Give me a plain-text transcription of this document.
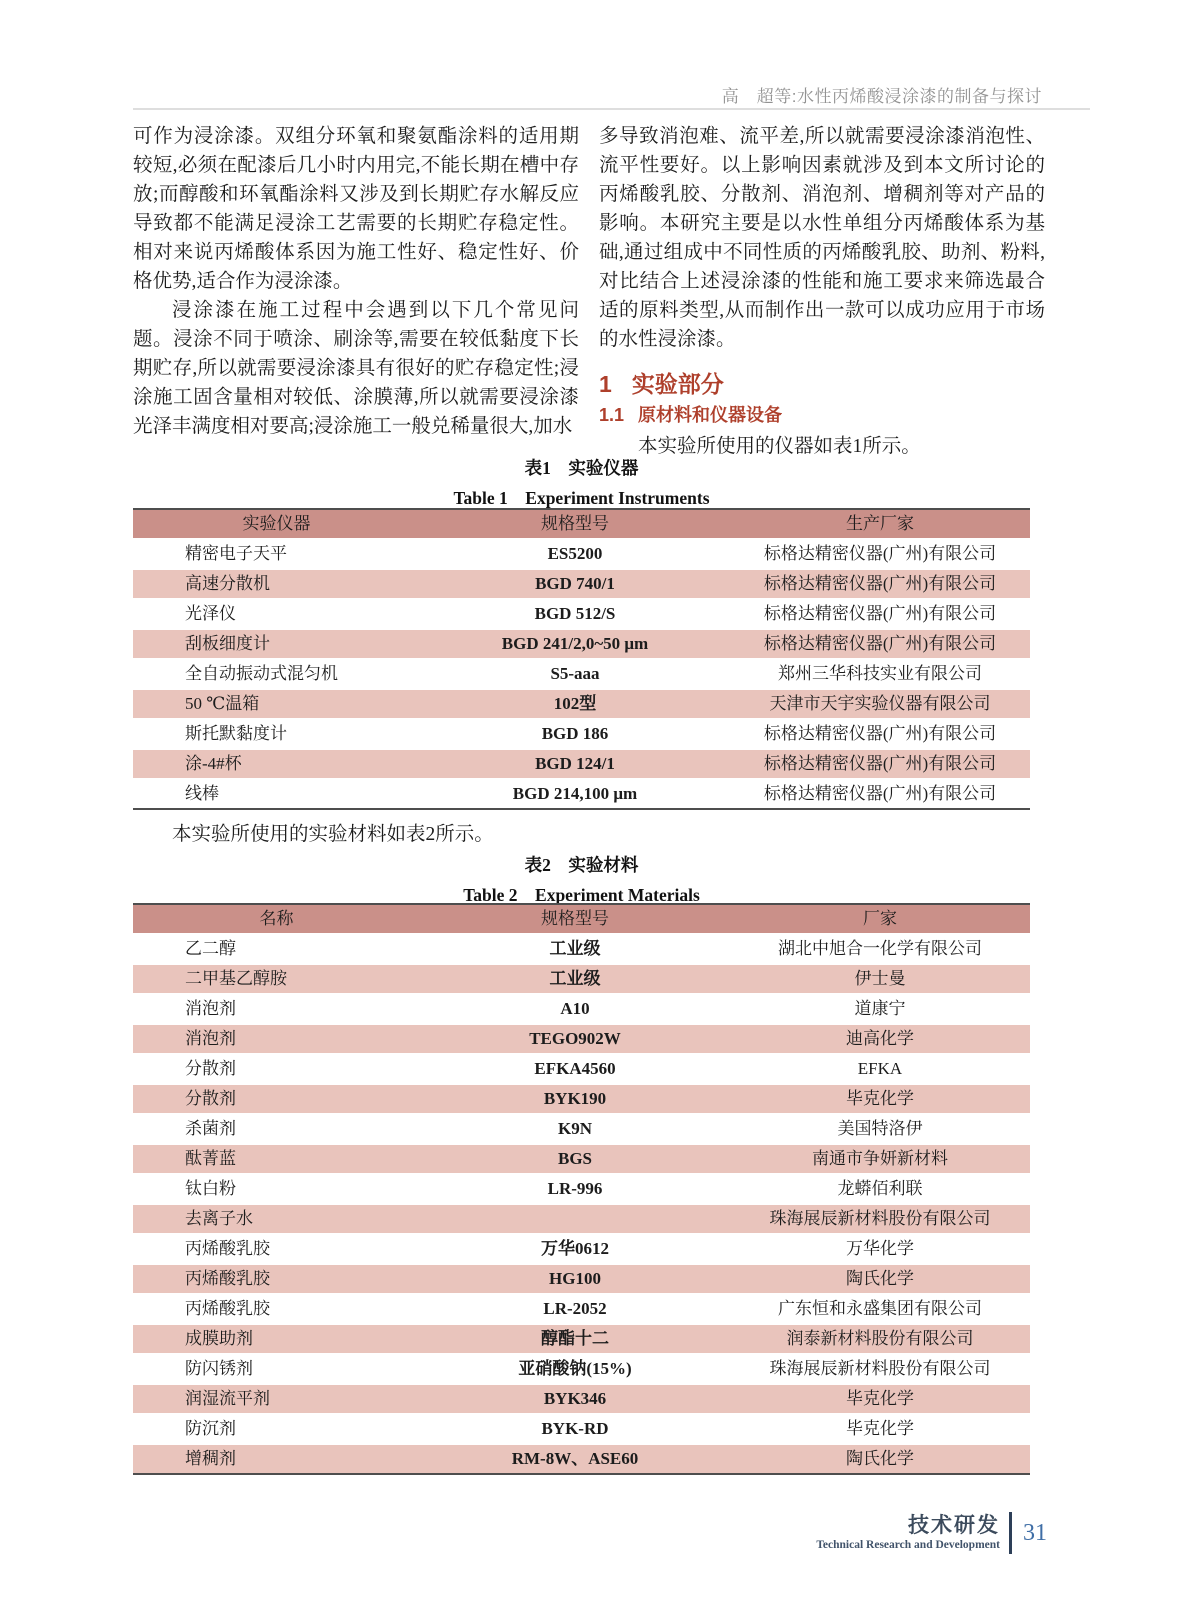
高　超等:水性丙烯酸浸涂漆的制备与探讨

可作为浸涂漆。双组分环氧和聚氨酯涂料的适用期较短,必须在配漆后几小时内用完,不能长期在槽中存放;而醇酸和环氧酯涂料又涉及到长期贮存水解反应导致都不能满足浸涂工艺需要的长期贮存稳定性。相对来说丙烯酸体系因为施工性好、稳定性好、价格优势,适合作为浸涂漆。

浸涂漆在施工过程中会遇到以下几个常见问题。浸涂不同于喷涂、刷涂等,需要在较低黏度下长期贮存,所以就需要浸涂漆具有很好的贮存稳定性;浸涂施工固含量相对较低、涂膜薄,所以就需要浸涂漆光泽丰满度相对要高;浸涂施工一般兑稀量很大,加水

多导致消泡难、流平差,所以就需要浸涂漆消泡性、流平性要好。以上影响因素就涉及到本文所讨论的丙烯酸乳胶、分散剂、消泡剂、增稠剂等对产品的影响。本研究主要是以水性单组分丙烯酸体系为基础,通过组成中不同性质的丙烯酸乳胶、助剂、粉料,对比结合上述浸涂漆的性能和施工要求来筛选最合适的原料类型,从而制作出一款可以成功应用于市场的水性浸涂漆。

1 实验部分
1.1 原材料和仪器设备

本实验所使用的仪器如表1所示。

表1　实验仪器
Table 1　Experiment Instruments
实验仪器	规格型号	生产厂家
精密电子天平	ES5200	标格达精密仪器(广州)有限公司
高速分散机	BGD 740/1	标格达精密仪器(广州)有限公司
光泽仪	BGD 512/S	标格达精密仪器(广州)有限公司
刮板细度计	BGD 241/2,0~50 μm	标格达精密仪器(广州)有限公司
全自动振动式混匀机	S5-aaa	郑州三华科技实业有限公司
50 ℃温箱	102型	天津市天宇实验仪器有限公司
斯托默黏度计	BGD 186	标格达精密仪器(广州)有限公司
涂-4#杯	BGD 124/1	标格达精密仪器(广州)有限公司
线棒	BGD 214,100 μm	标格达精密仪器(广州)有限公司

本实验所使用的实验材料如表2所示。

表2　实验材料
Table 2　Experiment Materials
名称	规格型号	厂家
乙二醇	工业级	湖北中旭合一化学有限公司
二甲基乙醇胺	工业级	伊士曼
消泡剂	A10	道康宁
消泡剂	TEGO902W	迪高化学
分散剂	EFKA4560	EFKA
分散剂	BYK190	毕克化学
杀菌剂	K9N	美国特洛伊
酞菁蓝	BGS	南通市争妍新材料
钛白粉	LR-996	龙蟒佰利联
去离子水		珠海展辰新材料股份有限公司
丙烯酸乳胶	万华0612	万华化学
丙烯酸乳胶	HG100	陶氏化学
丙烯酸乳胶	LR-2052	广东恒和永盛集团有限公司
成膜助剂	醇酯十二	润泰新材料股份有限公司
防闪锈剂	亚硝酸钠(15%)	珠海展辰新材料股份有限公司
润湿流平剂	BYK346	毕克化学
防沉剂	BYK-RD	毕克化学
增稠剂	RM-8W、ASE60	陶氏化学
技术研发
Technical Research and Development 31
